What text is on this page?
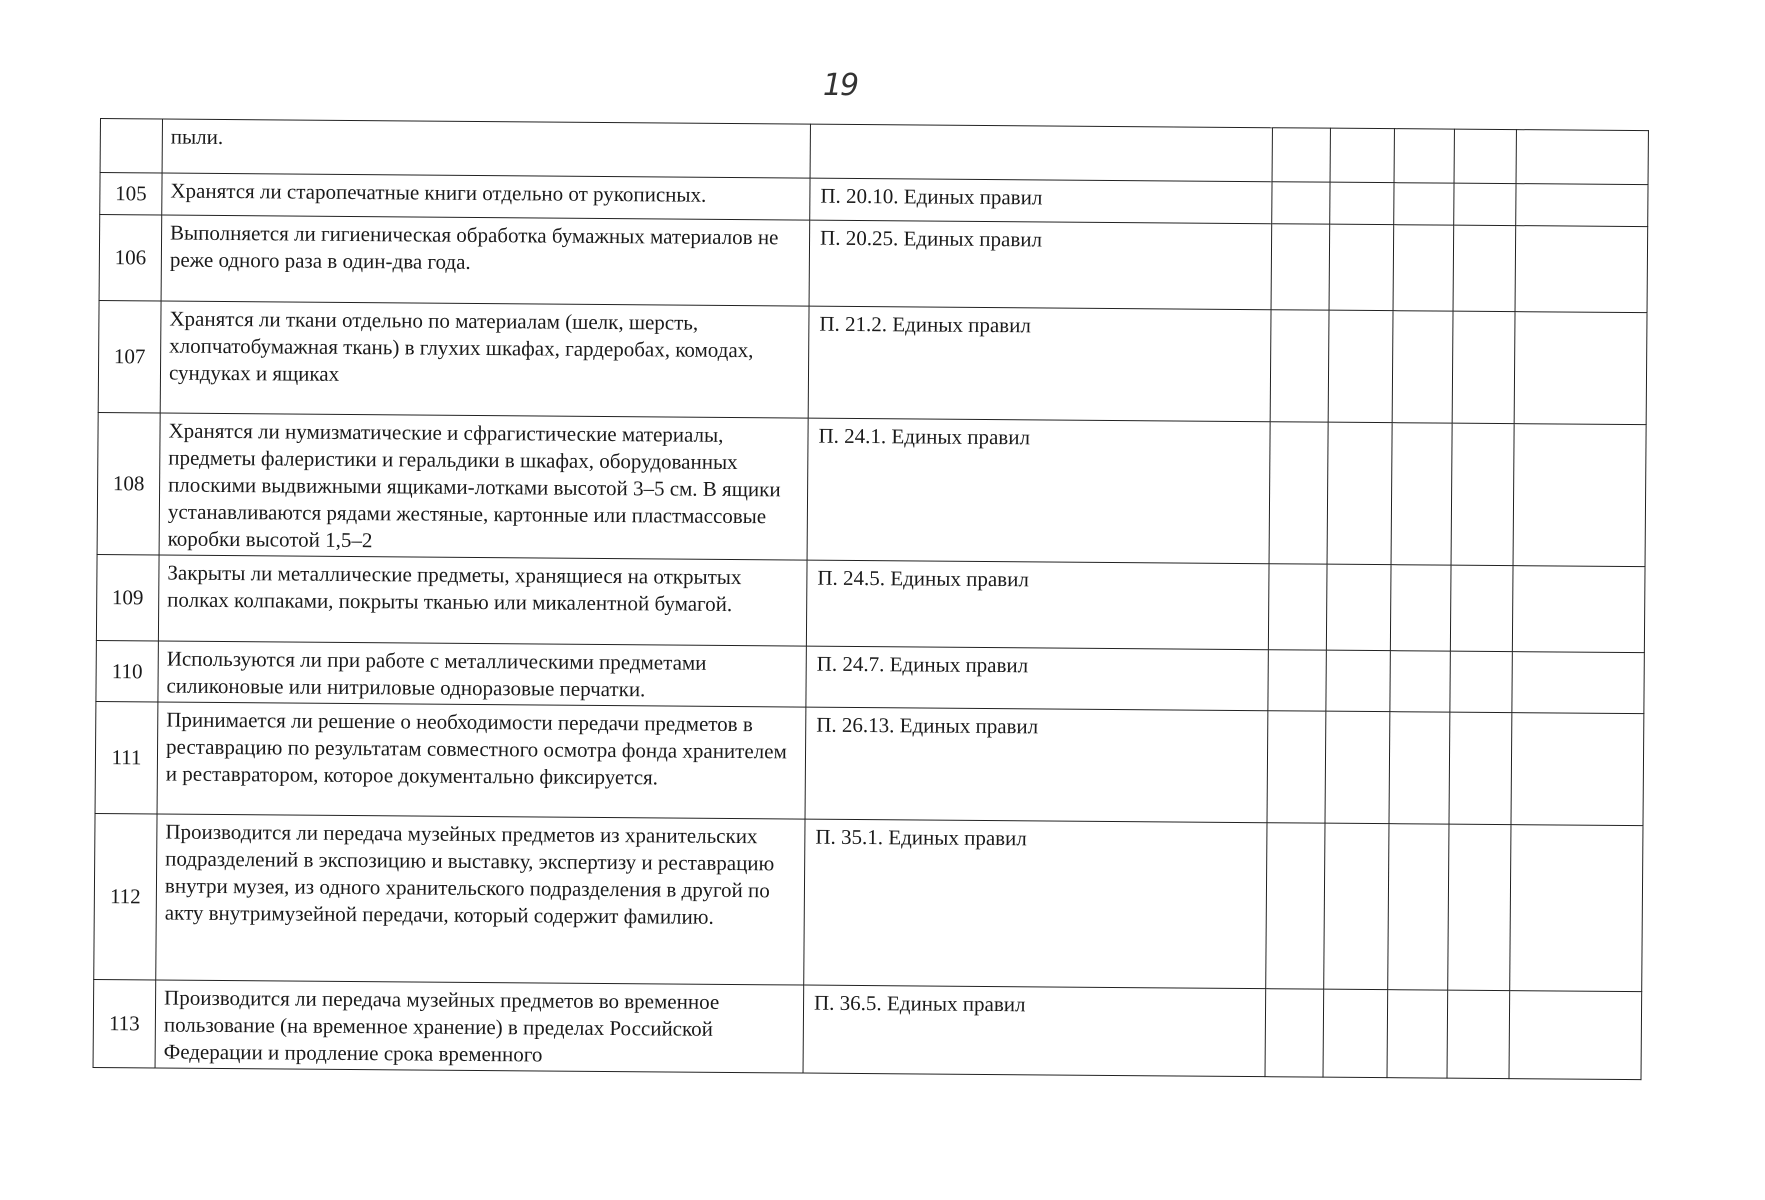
19
	пыли.						
105	Хранятся ли старопечатные книги отдельно от рукописных.	П. 20.10. Единых правил					
106	Выполняется ли гигиеническая обработка бумажных материалов не реже одного раза в один-два года.	П. 20.25. Единых правил					
107	Хранятся ли ткани отдельно по материалам (шелк, шерсть, хлопчатобумажная ткань) в глухих шкафах, гардеробах, комодах, сундуках и ящиках	П. 21.2. Единых правил					
108	Хранятся ли нумизматические и сфрагистические материалы, предметы фалеристики и геральдики в шкафах, оборудованных плоскими выдвижными ящиками-лотками высотой 3–5 см. В ящики устанавливаются рядами жестяные, картонные или пластмассовые коробки высотой 1,5–2	П. 24.1. Единых правил					
109	Закрыты ли металлические предметы, хранящиеся на открытых полках колпаками, покрыты тканью или микалентной бумагой.	П. 24.5. Единых правил					
110	Используются ли при работе с металлическими предметами силиконовые или нитриловые одноразовые перчатки.	П. 24.7. Единых правил					
111	Принимается ли решение о необходимости передачи предметов в реставрацию по результатам совместного осмотра фонда хранителем и реставратором, которое документально фиксируется.	П. 26.13. Единых правил					
112	Производится ли передача музейных предметов из хранительских подразделений в экспозицию и выставку, экспертизу и реставрацию внутри музея, из одного хранительского подразделения в другой по акту внутримузейной передачи, который содержит фамилию.	П. 35.1. Единых правил					
113	Производится ли передача музейных предметов во временное пользование (на временное хранение) в пределах Российской Федерации и продление срока временного	П. 36.5. Единых правил					
